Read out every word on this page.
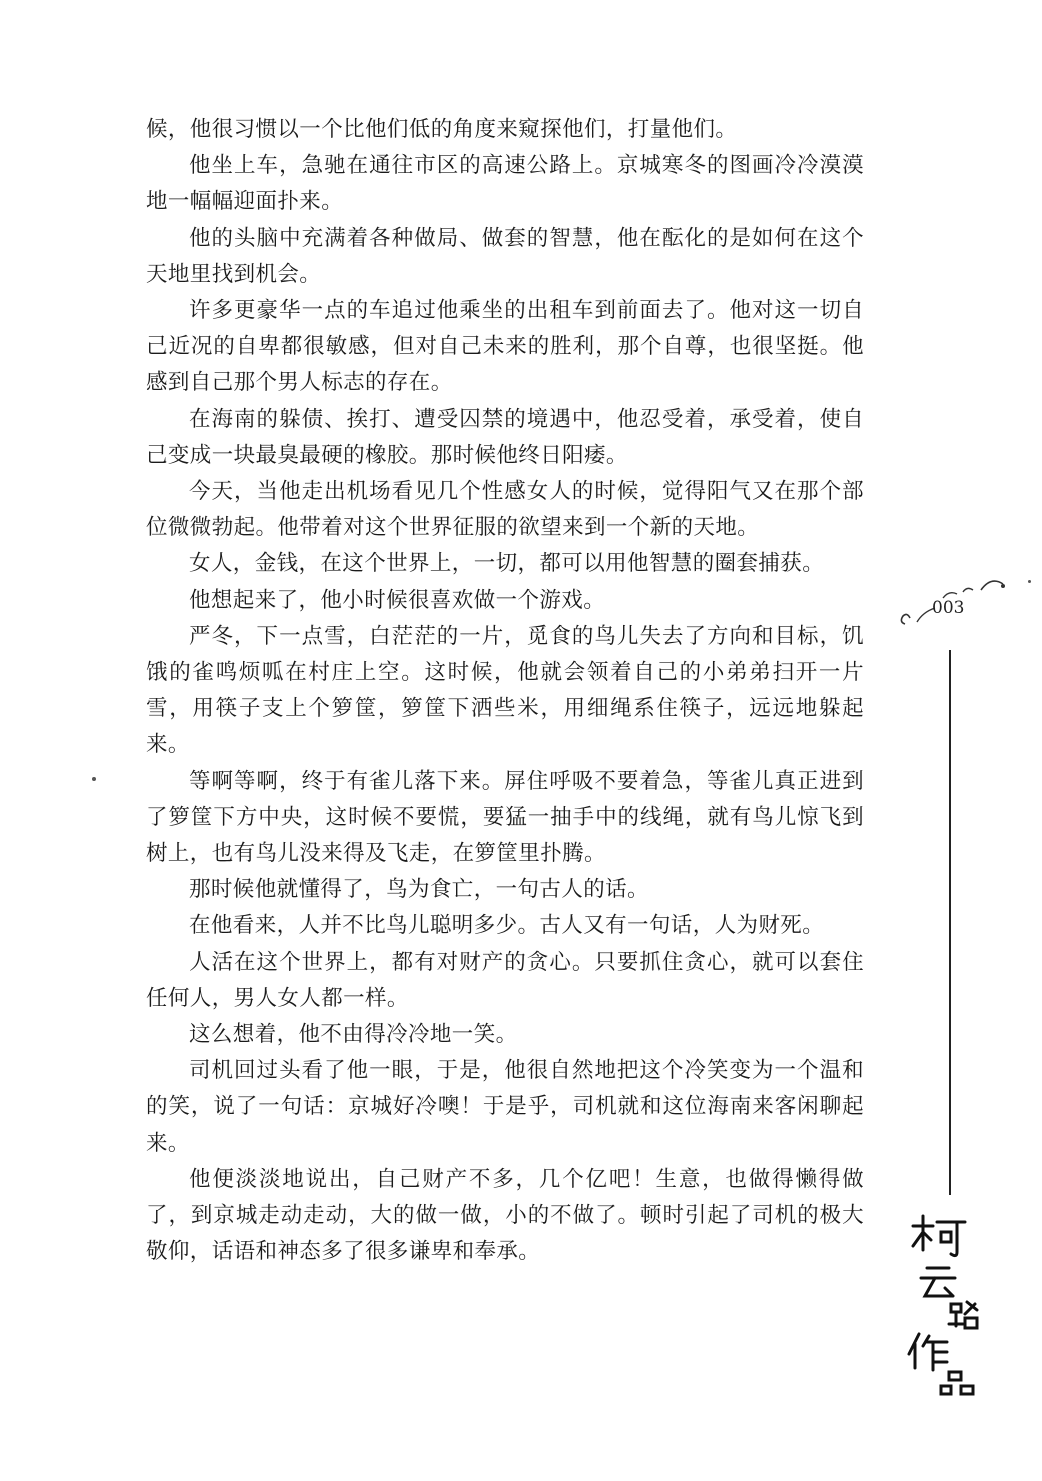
候，他很习惯以一个比他们低的角度来窥探他们，打量他们。

他坐上车，急驰在通往市区的高速公路上。京城寒冬的图画冷冷漠漠地一幅幅迎面扑来。

他的头脑中充满着各种做局、做套的智慧，他在酝化的是如何在这个天地里找到机会。

许多更豪华一点的车追过他乘坐的出租车到前面去了。他对这一切自己近况的自卑都很敏感，但对自己未来的胜利，那个自尊，也很坚挺。他感到自己那个男人标志的存在。

在海南的躲债、挨打、遭受囚禁的境遇中，他忍受着，承受着，使自己变成一块最臭最硬的橡胶。那时候他终日阳痿。

今天，当他走出机场看见几个性感女人的时候，觉得阳气又在那个部位微微勃起。他带着对这个世界征服的欲望来到一个新的天地。

女人，金钱，在这个世界上，一切，都可以用他智慧的圈套捕获。

他想起来了，他小时候很喜欢做一个游戏。

严冬，下一点雪，白茫茫的一片，觅食的鸟儿失去了方向和目标，饥饿的雀鸣烦呱在村庄上空。这时候，他就会领着自己的小弟弟扫开一片雪，用筷子支上个箩筐，箩筐下洒些米，用细绳系住筷子，远远地躲起来。

等啊等啊，终于有雀儿落下来。屏住呼吸不要着急，等雀儿真正进到了箩筐下方中央，这时候不要慌，要猛一抽手中的线绳，就有鸟儿惊飞到树上，也有鸟儿没来得及飞走，在箩筐里扑腾。

那时候他就懂得了，鸟为食亡，一句古人的话。

在他看来，人并不比鸟儿聪明多少。古人又有一句话，人为财死。

人活在这个世界上，都有对财产的贪心。只要抓住贪心，就可以套住任何人，男人女人都一样。

这么想着，他不由得冷冷地一笑。

司机回过头看了他一眼，于是，他很自然地把这个冷笑变为一个温和的笑，说了一句话：京城好冷噢！于是乎，司机就和这位海南来客闲聊起来。

他便淡淡地说出，自己财产不多，几个亿吧！生意，也做得懒得做了，到京城走动走动，大的做一做，小的不做了。顿时引起了司机的极大敬仰，话语和神态多了很多谦卑和奉承。

003
